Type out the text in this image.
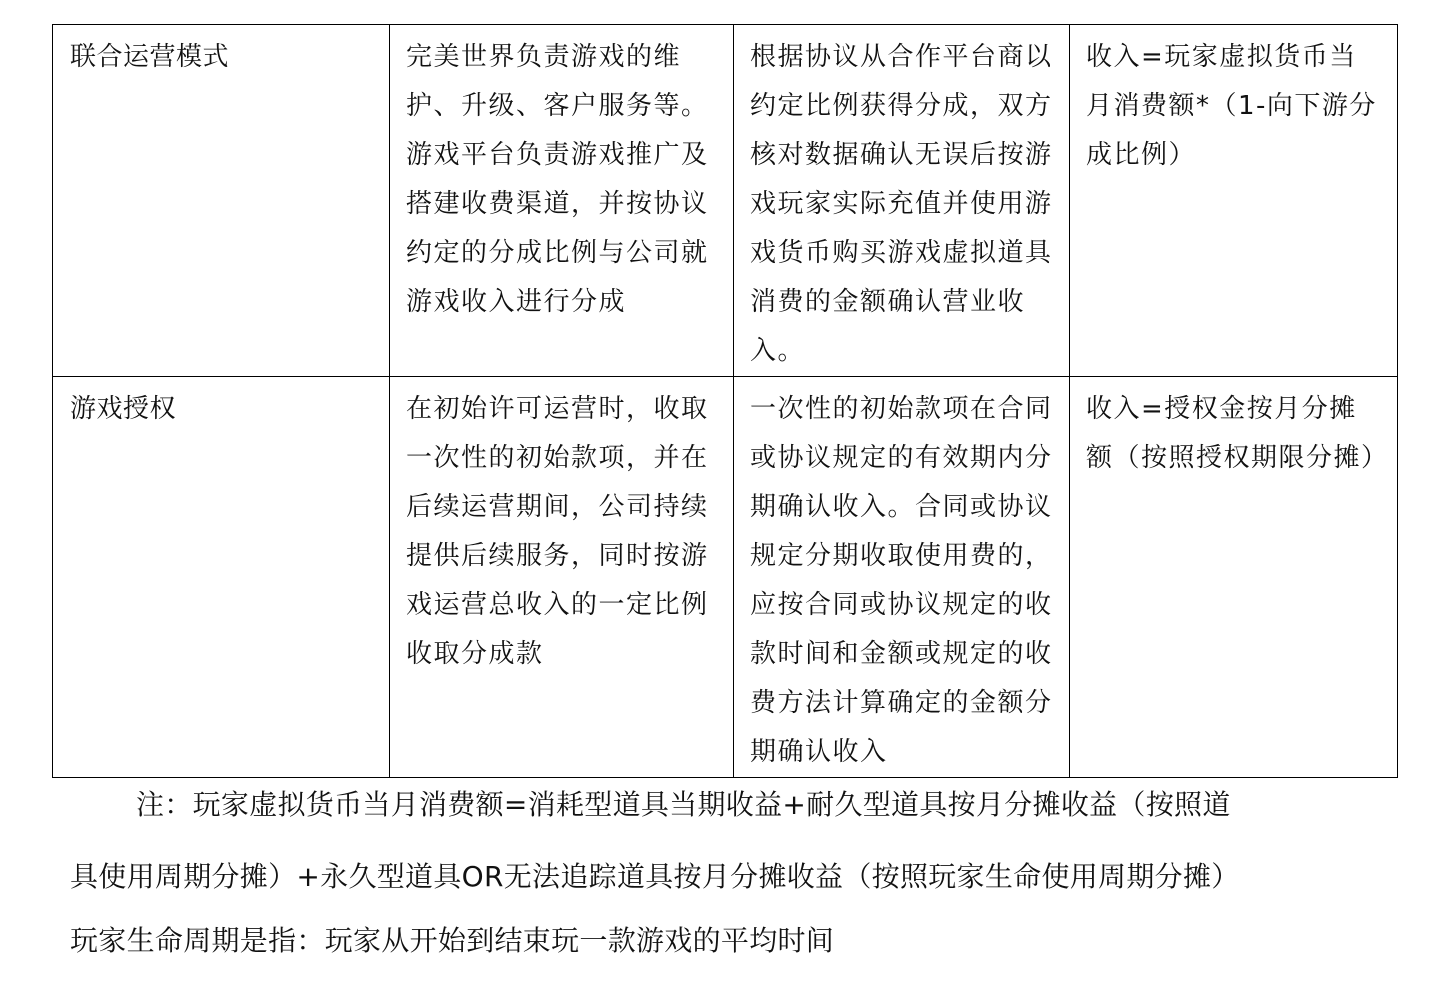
联合运营模式	完美世界负责游戏的维护、升级、客户服务等。游戏平台负责游戏推广及搭建收费渠道，并按协议约定的分成比例与公司就游戏收入进行分成	根据协议从合作平台商以约定比例获得分成，双方核对数据确认无误后按游戏玩家实际充值并使用游戏货币购买游戏虚拟道具消费的金额确认营业收入。	收入=玩家虚拟货币当月消费额*（1-向下游分成比例）
游戏授权	在初始许可运营时，收取一次性的初始款项，并在后续运营期间，公司持续提供后续服务，同时按游戏运营总收入的一定比例收取分成款	一次性的初始款项在合同或协议规定的有效期内分期确认收入。合同或协议规定分期收取使用费的，应按合同或协议规定的收款时间和金额或规定的收费方法计算确定的金额分期确认收入	收入=授权金按月分摊额（按照授权期限分摊）
注：玩家虚拟货币当月消费额=消耗型道具当期收益+耐久型道具按月分摊收益（按照道
具使用周期分摊）+永久型道具OR无法追踪道具按月分摊收益（按照玩家生命使用周期分摊）
玩家生命周期是指：玩家从开始到结束玩一款游戏的平均时间
